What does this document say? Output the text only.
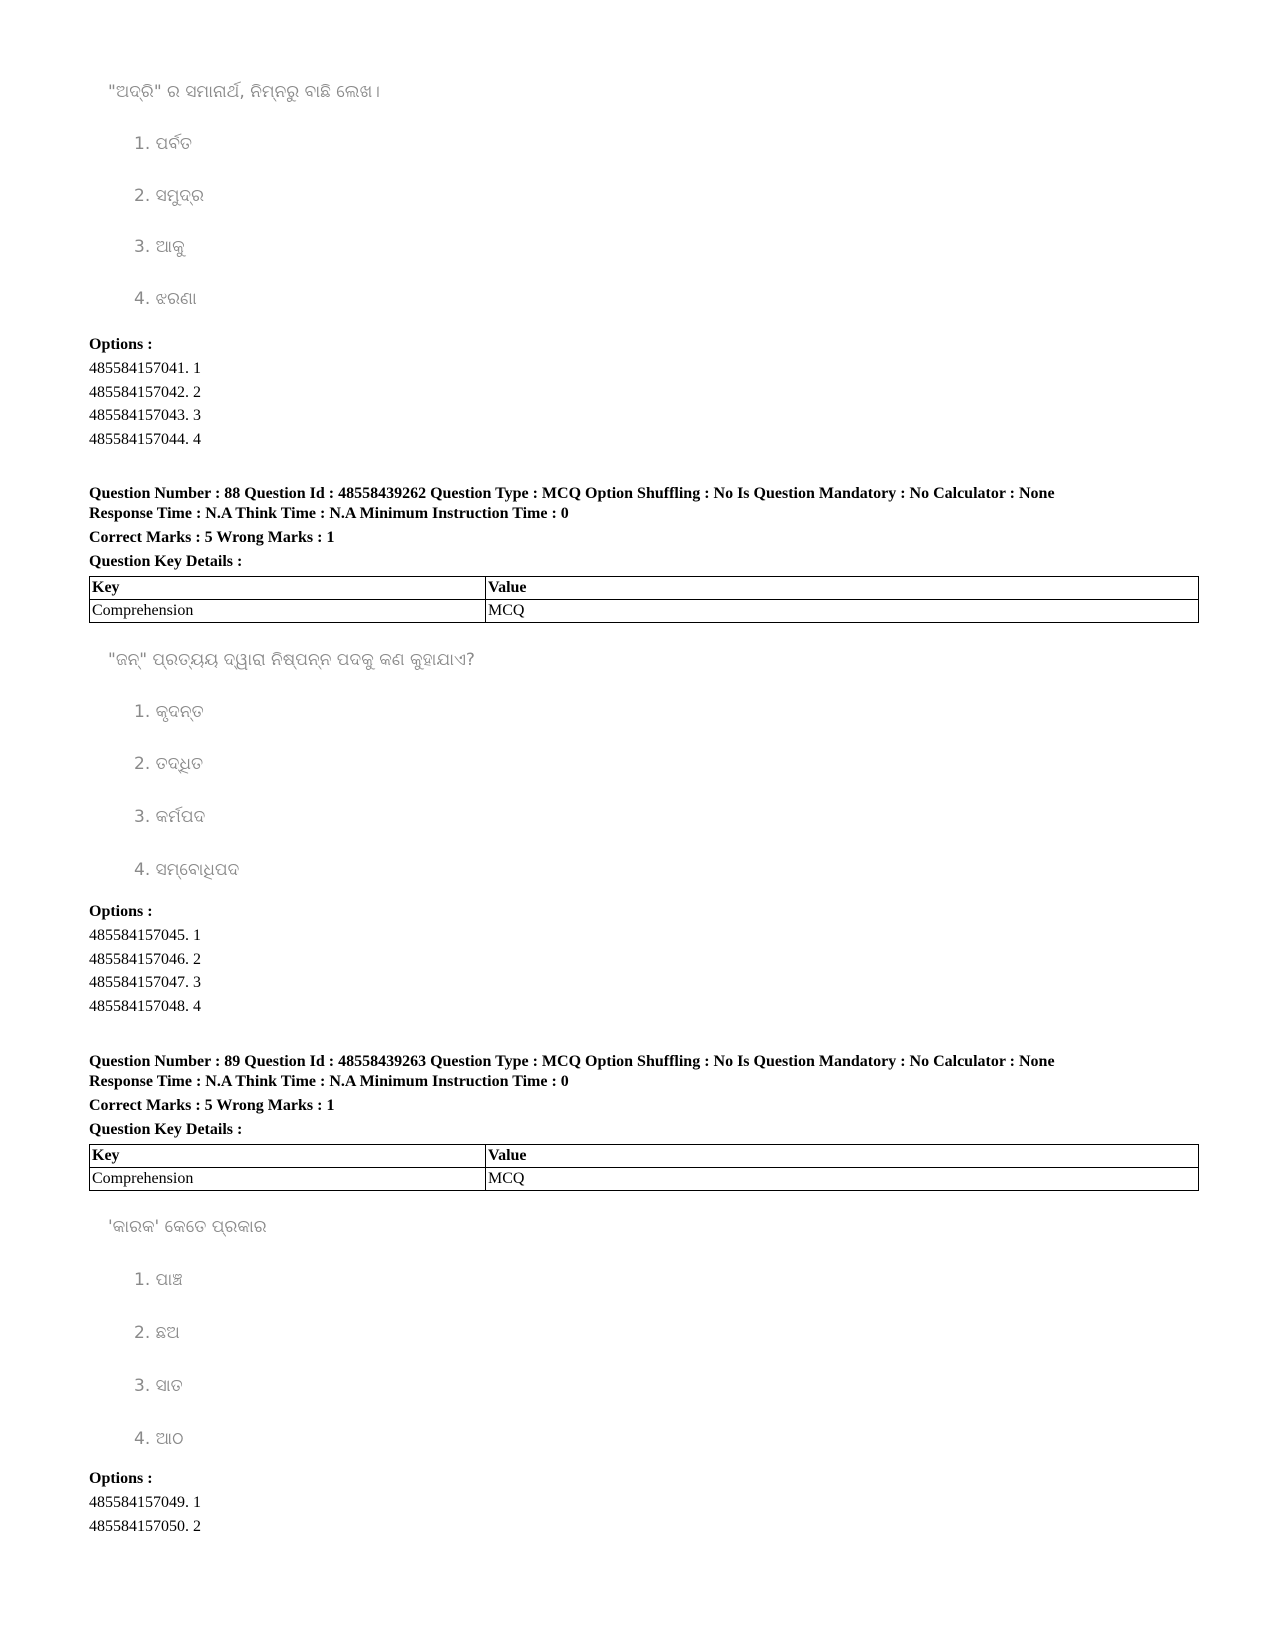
"ଅଦ୍ରି" ର ସମାନାର୍ଥ, ନିମ୍ନରୁ ବାଛି ଲେଖ।
1. ପର୍ବତ
2. ସମୁଦ୍ର
3. ଆକୁ
4. ଝରଣା
Options :
485584157041. 1
485584157042. 2
485584157043. 3
485584157044. 4
Question Number : 88 Question Id : 48558439262 Question Type : MCQ Option Shuffling : No Is Question Mandatory : No Calculator : None
Response Time : N.A Think Time : N.A Minimum Instruction Time : 0
Correct Marks : 5 Wrong Marks : 1
Question Key Details :
Key	Value
Comprehension	MCQ
"ଜନ୍" ପ୍ରତ୍ୟୟ ଦ୍ୱାରା ନିଷ୍ପନ୍ନ ପଦକୁ କଣ କୁହାଯାଏ?
1. କୃଦନ୍ତ
2. ତଦ୍ଧିତ
3. କର୍ମପଦ
4. ସମ୍ବୋଧିପଦ
Options :
485584157045. 1
485584157046. 2
485584157047. 3
485584157048. 4
Question Number : 89 Question Id : 48558439263 Question Type : MCQ Option Shuffling : No Is Question Mandatory : No Calculator : None
Response Time : N.A Think Time : N.A Minimum Instruction Time : 0
Correct Marks : 5 Wrong Marks : 1
Question Key Details :
Key	Value
Comprehension	MCQ
'କାରକ' କେତେ ପ୍ରକାର
1. ପାଞ୍ଚ
2. ଛଅ
3. ସାତ
4. ଆଠ
Options :
485584157049. 1
485584157050. 2
